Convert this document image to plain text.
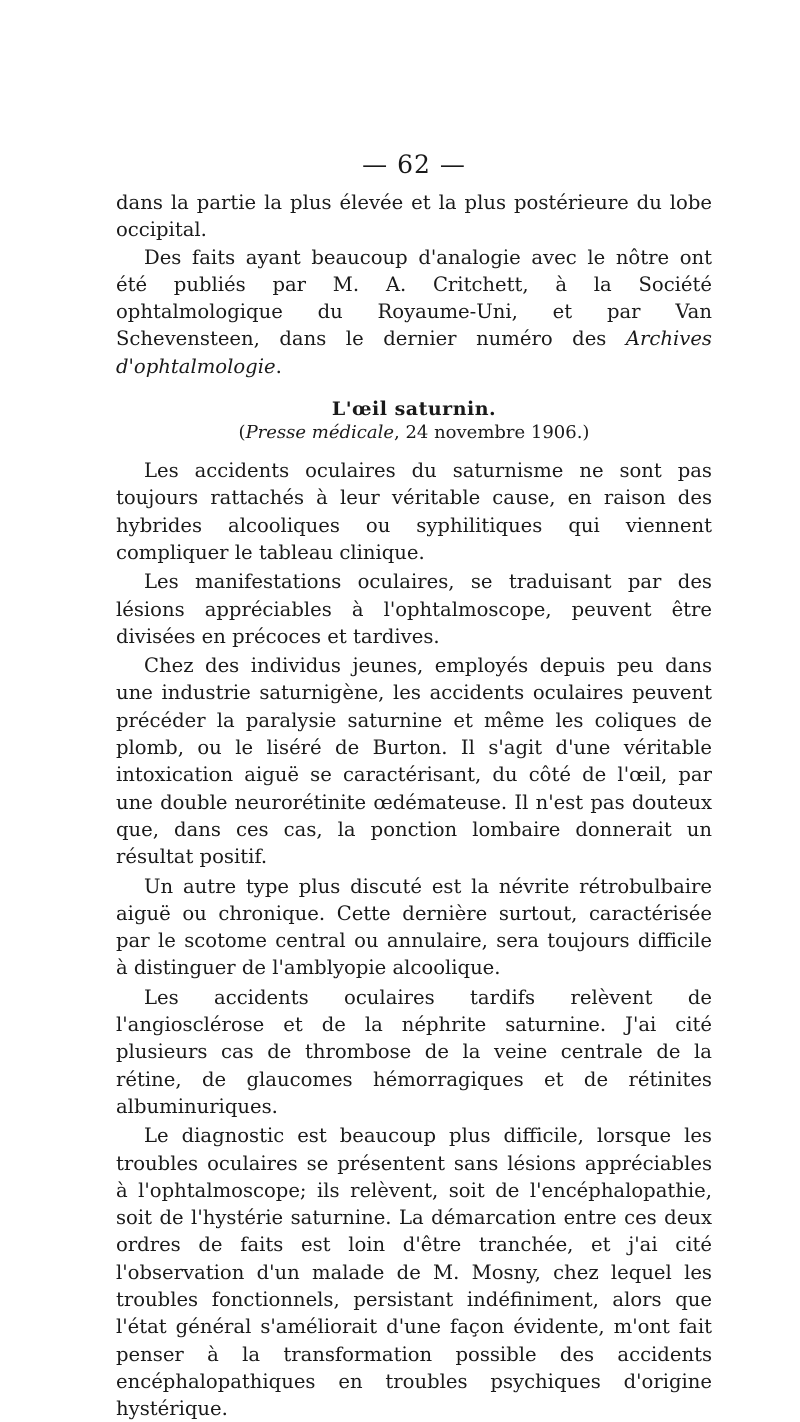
— 62 —

dans la partie la plus élevée et la plus postérieure du lobe occipital.

Des faits ayant beaucoup d'analogie avec le nôtre ont été publiés par M. A. Critchett, à la Société ophtalmologique du Royaume-Uni, et par Van Schevensteen, dans le dernier numéro des Archives d'ophtalmologie.

L'œil saturnin.
(Presse médicale, 24 novembre 1906.)

Les accidents oculaires du saturnisme ne sont pas toujours rattachés à leur véritable cause, en raison des hybrides alcooliques ou syphilitiques qui viennent compliquer le tableau clinique.

Les manifestations oculaires, se traduisant par des lésions appréciables à l'ophtalmoscope, peuvent être divisées en précoces et tardives.

Chez des individus jeunes, employés depuis peu dans une industrie saturnigène, les accidents oculaires peuvent précéder la paralysie saturnine et même les coliques de plomb, ou le liséré de Burton. Il s'agit d'une véritable intoxication aiguë se caractérisant, du côté de l'œil, par une double neurorétinite œdémateuse. Il n'est pas douteux que, dans ces cas, la ponction lombaire donnerait un résultat positif.

Un autre type plus discuté est la névrite rétrobulbaire aiguë ou chronique. Cette dernière surtout, caractérisée par le scotome central ou annulaire, sera toujours difficile à distinguer de l'amblyopie alcoolique.

Les accidents oculaires tardifs relèvent de l'angiosclérose et de la néphrite saturnine. J'ai cité plusieurs cas de thrombose de la veine centrale de la rétine, de glaucomes hémorragiques et de rétinites albuminuriques.

Le diagnostic est beaucoup plus difficile, lorsque les troubles oculaires se présentent sans lésions appréciables à l'ophtalmoscope; ils relèvent, soit de l'encéphalopathie, soit de l'hystérie saturnine. La démarcation entre ces deux ordres de faits est loin d'être tranchée, et j'ai cité l'observation d'un malade de M. Mosny, chez lequel les troubles fonctionnels, persistant indéfiniment, alors que l'état général s'améliorait d'une façon évidente, m'ont fait penser à la transformation possible des accidents encéphalopathiques en troubles psychiques d'origine hystérique.
